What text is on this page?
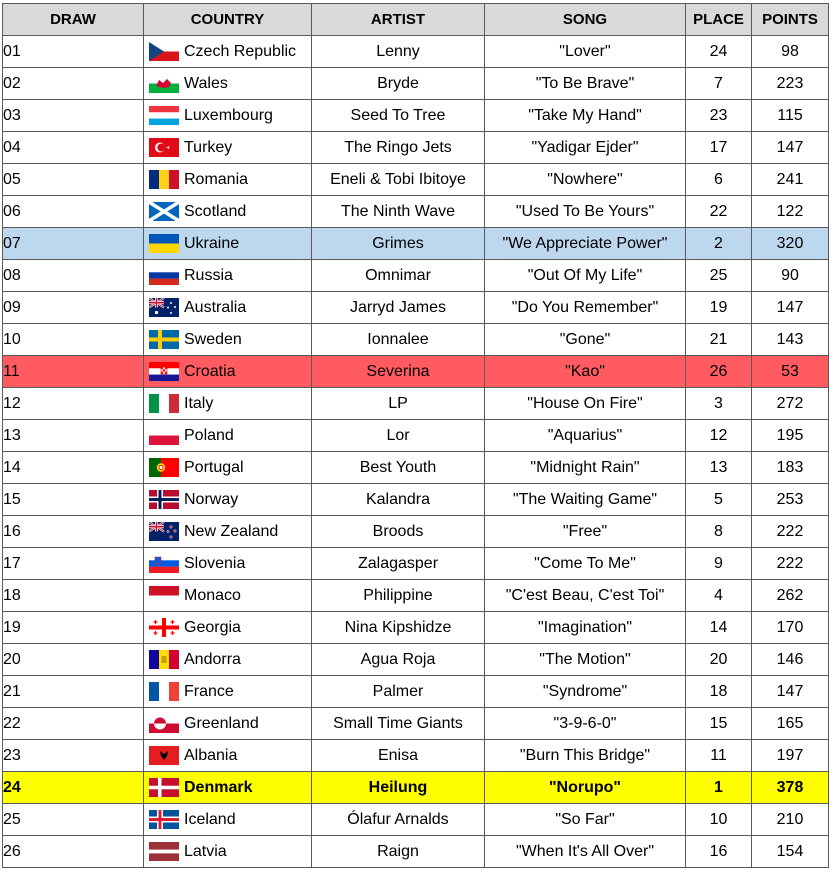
DRAW	COUNTRY	ARTIST	SONG	PLACE	POINTS
01	Czech Republic	Lenny	"Lover"	24	98
02	Wales	Bryde	"To Be Brave"	7	223
03	Luxembourg	Seed To Tree	"Take My Hand"	23	115
04	Turkey	The Ringo Jets	"Yadigar Ejder"	17	147
05	Romania	Eneli & Tobi Ibitoye	"Nowhere"	6	241
06	Scotland	The Ninth Wave	"Used To Be Yours"	22	122
07	Ukraine	Grimes	"We Appreciate Power"	2	320
08	Russia	Omnimar	"Out Of My Life"	25	90
09	Australia	Jarryd James	"Do You Remember"	19	147
10	Sweden	Ionnalee	"Gone"	21	143
11	Croatia	Severina	"Kao"	26	53
12	Italy	LP	"House On Fire"	3	272
13	Poland	Lor	"Aquarius"	12	195
14	Portugal	Best Youth	"Midnight Rain"	13	183
15	Norway	Kalandra	"The Waiting Game"	5	253
16	New Zealand	Broods	"Free"	8	222
17	Slovenia	Zalagasper	"Come To Me"	9	222
18	Monaco	Philippine	"C'est Beau, C'est Toi"	4	262
19	Georgia	Nina Kipshidze	"Imagination"	14	170
20	Andorra	Agua Roja	"The Motion"	20	146
21	France	Palmer	"Syndrome"	18	147
22	Greenland	Small Time Giants	"3-9-6-0"	15	165
23	Albania	Enisa	"Burn This Bridge"	11	197
24	Denmark	Heilung	"Norupo"	1	378
25	Iceland	Ólafur Arnalds	"So Far"	10	210
26	Latvia	Raign	"When It's All Over"	16	154
